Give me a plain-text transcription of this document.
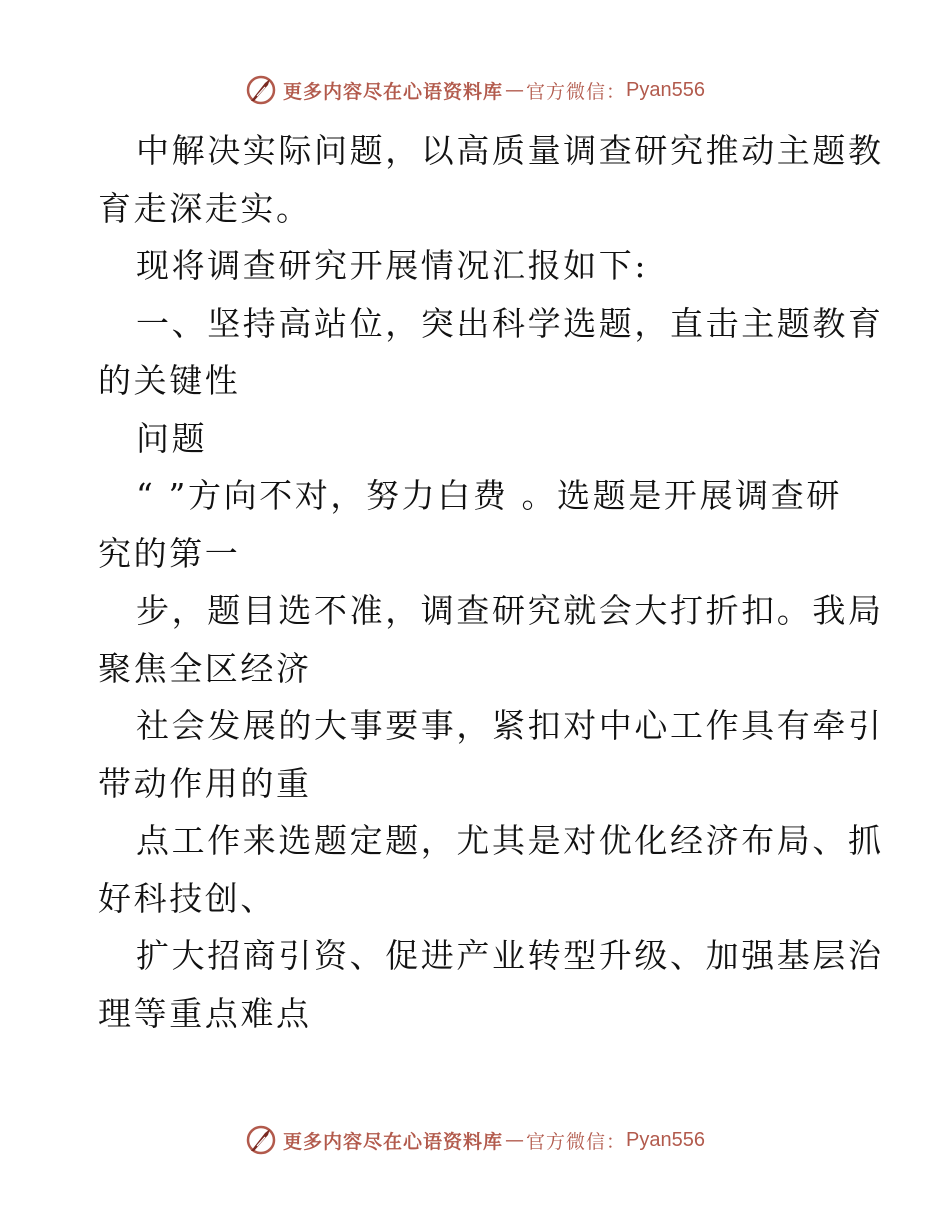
更多内容尽在心语资料库 — 官方微信： Pyan556
中解决实际问题，以高质量调查研究推动主题教
育走深走实。
现将调查研究开展情况汇报如下:
一、坚持高站位，突出科学选题，直击主题教育
的关键性
问题
“ ”方向不对，努力白费 。选题是开展调查研
究的第一
步，题目选不准，调查研究就会大打折扣。我局
聚焦全区经济
社会发展的大事要事，紧扣对中心工作具有牵引
带动作用的重
点工作来选题定题，尤其是对优化经济布局、抓
好科技创、
扩大招商引资、促进产业转型升级、加强基层治
理等重点难点
更多内容尽在心语资料库 — 官方微信： Pyan556
